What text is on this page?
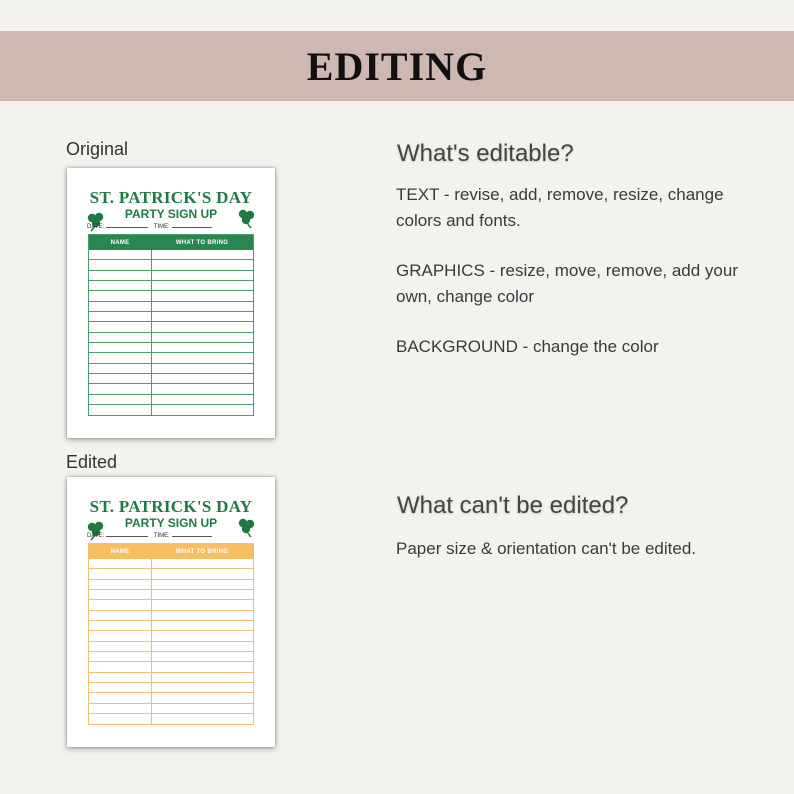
EDITING
Original
ST. PATRICK'S DAY
PARTY SIGN UP
DATE:	TIME:
NAME	WHAT TO BRING
Edited
ST. PATRICK'S DAY
PARTY SIGN UP
DATE:	TIME:
NAME	WHAT TO BRING
What's editable?
TEXT - revise, add, remove, resize, change colors and fonts.
GRAPHICS - resize, move, remove, add your own, change color
BACKGROUND - change the color
What can't be edited?
Paper size & orientation can't be edited.
